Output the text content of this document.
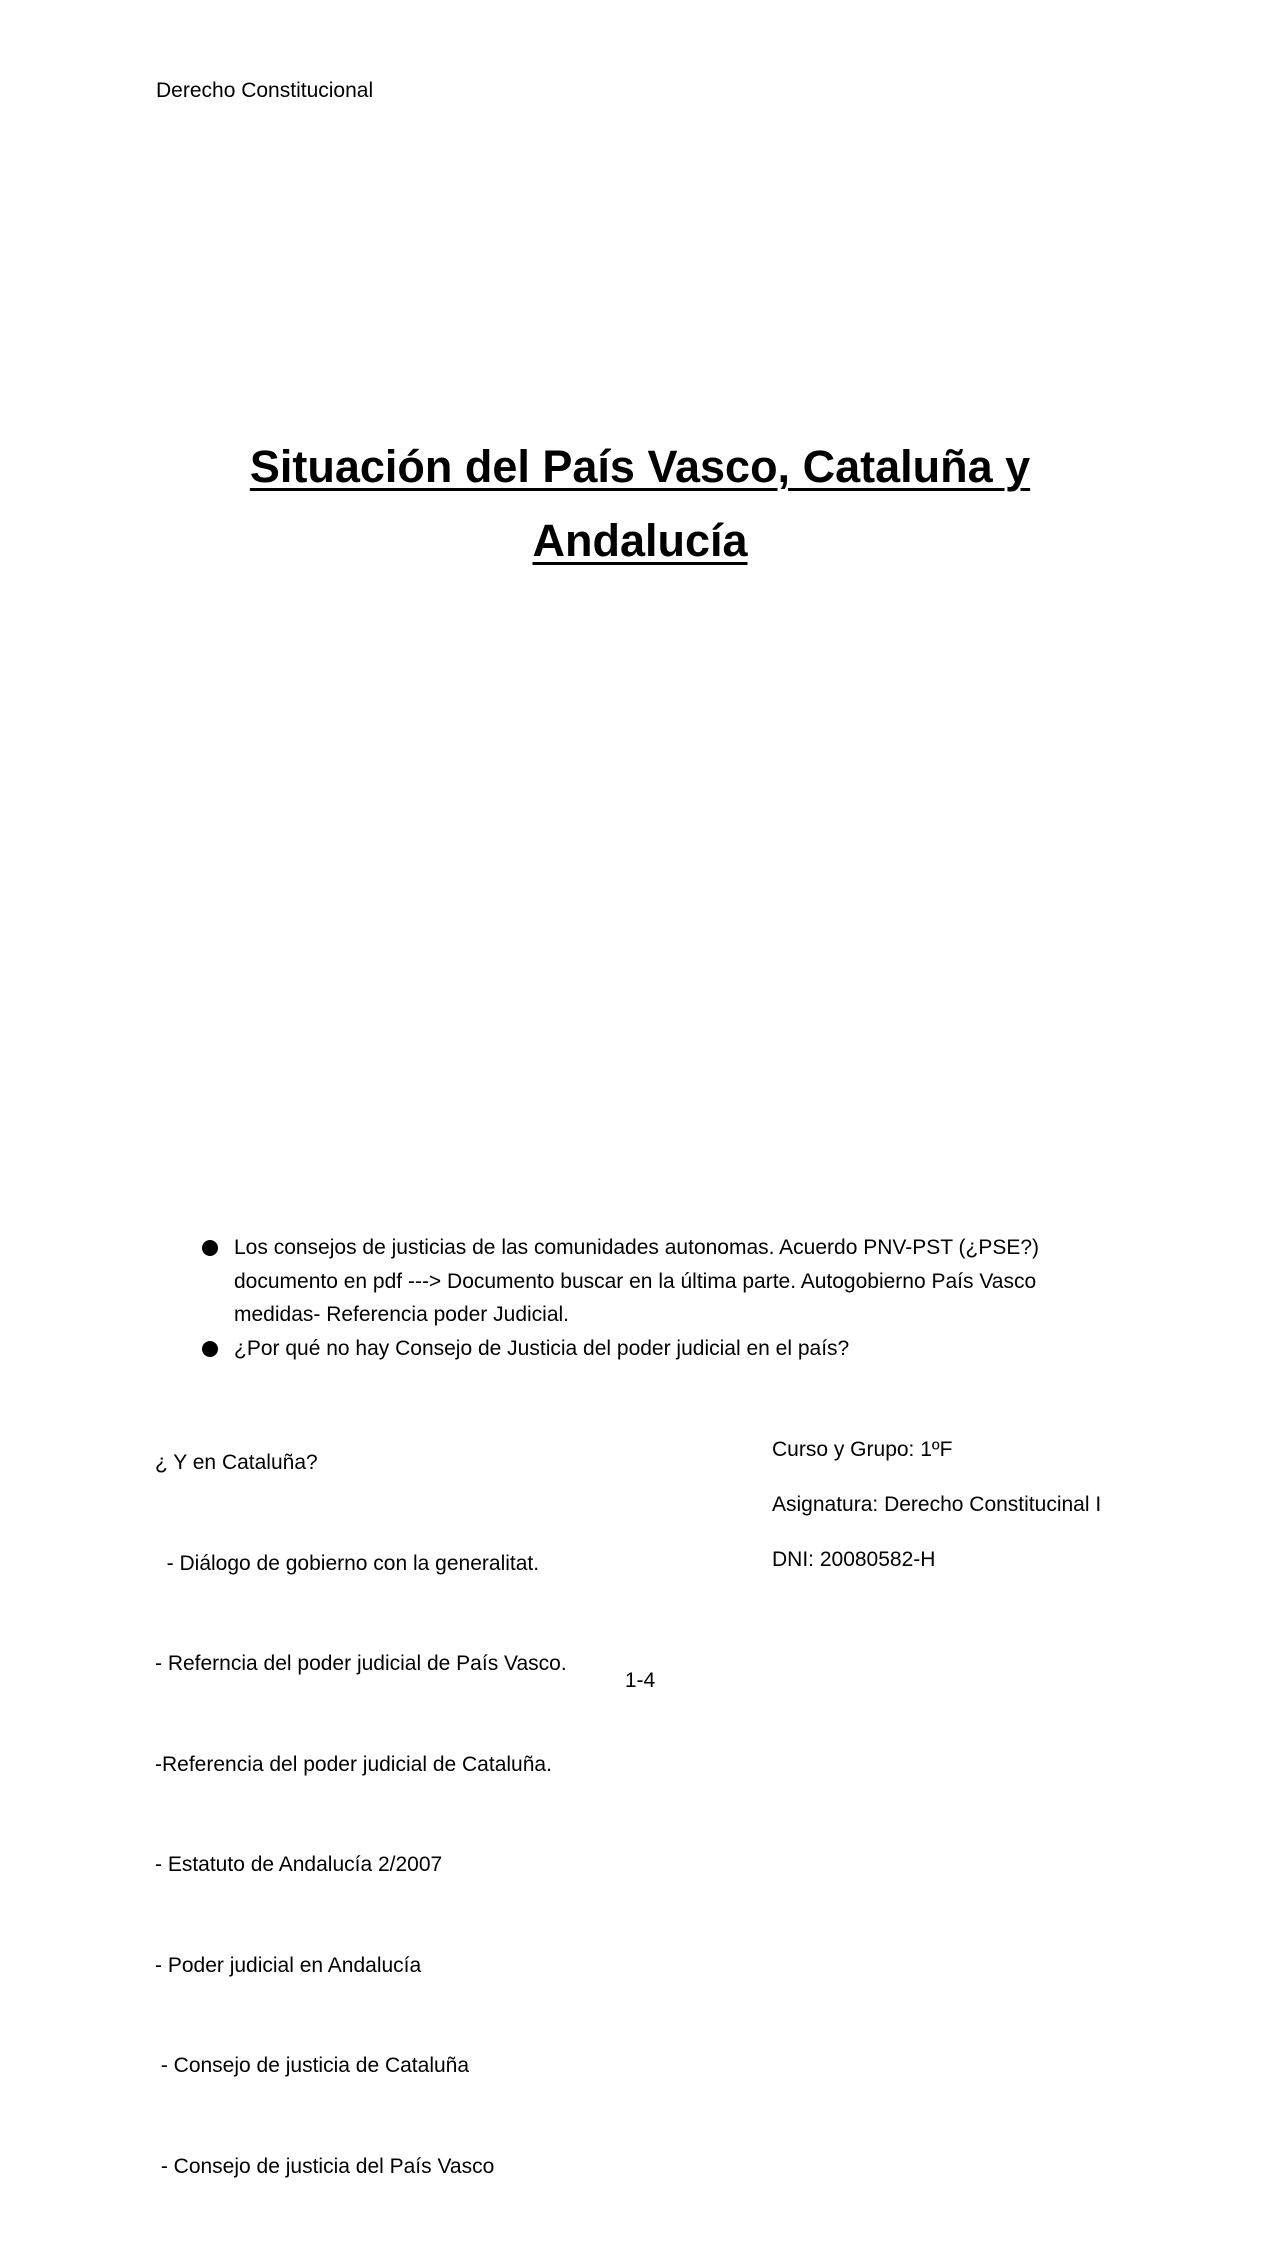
Derecho Constitucional
Situación del País Vasco, Cataluña y
Andalucía
Los consejos de justicias de las comunidades autonomas. Acuerdo PNV-PST (¿PSE?)
documento en pdf ---> Documento buscar en la última parte. Autogobierno País Vasco
medidas- Referencia poder Judicial.
¿Por qué no hay Consejo de Justicia del poder judicial en el país?

¿ Y en Cataluña?

- Diálogo de gobierno con la generalitat.

- Referncia del poder judicial de País Vasco.

-Referencia del poder judicial de Cataluña.

- Estatuto de Andalucía 2/2007

- Poder judicial en Andalucía

- Consejo de justicia de Cataluña

- Consejo de justicia del País Vasco

Curso y Grupo: 1ºF
Asignatura: Derecho Constitucinal I
DNI: 20080582-H
1-4
